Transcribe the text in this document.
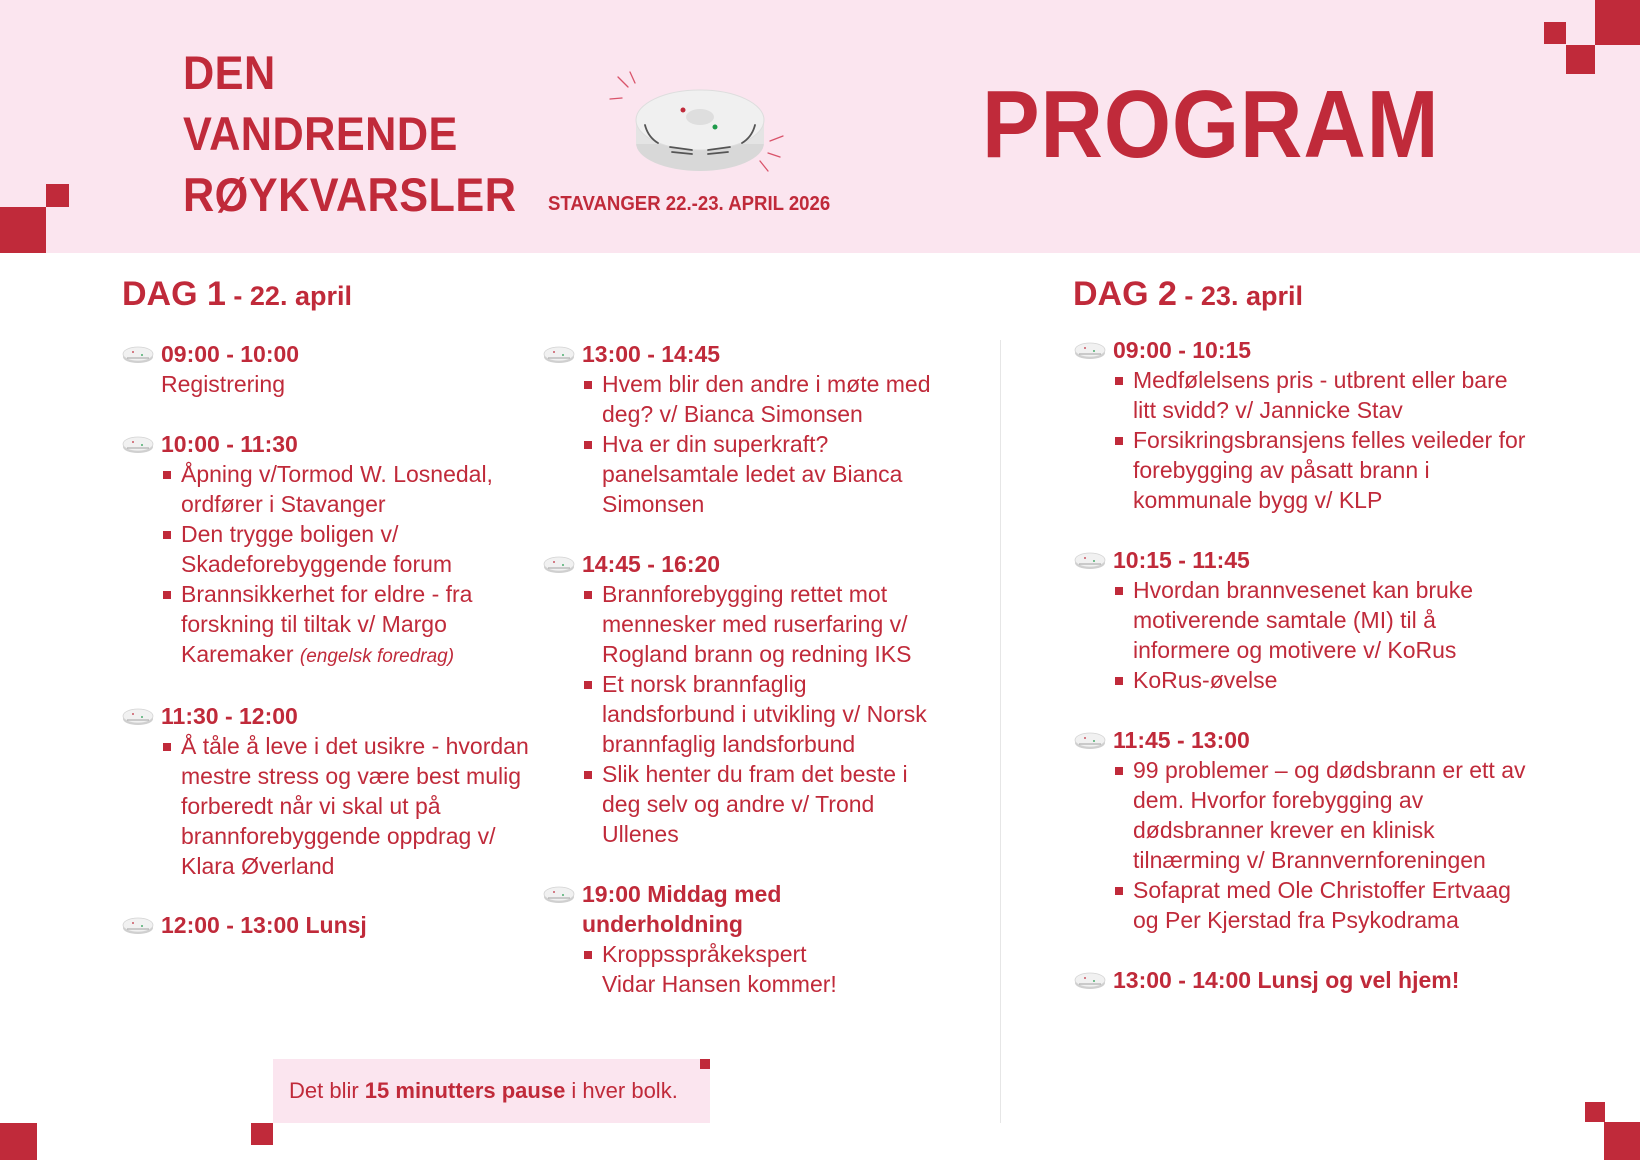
DEN
VANDRENDE
RØYKVARSLER STAVANGER 22.-23. APRIL 2026
PROGRAM
DAG 1 - 22. april
09:00 - 10:00
Registrering
10:00 - 11:30
Åpning v/Tormod W. Losnedal, ordfører i Stavanger
Den trygge boligen v/ Skadeforebyggende forum
Brannsikkerhet for eldre - fra forskning til tiltak v/ Margo Karemaker (engelsk foredrag)
11:30 - 12:00
Å tåle å leve i det usikre - hvordan mestre stress og være best mulig forberedt når vi skal ut på brannforebyggende oppdrag v/ Klara Øverland
12:00 - 13:00 Lunsj
13:00 - 14:45
Hvem blir den andre i møte med deg? v/ Bianca Simonsen
Hva er din superkraft? panelsamtale ledet av Bianca Simonsen
14:45 - 16:20
Brannforebygging rettet mot mennesker med ruserfaring v/ Rogland brann og redning IKS
Et norsk brannfaglig landsforbund i utvikling v/ Norsk brannfaglig landsforbund
Slik henter du fram det beste i deg selv og andre v/ Trond Ullenes
19:00 Middag med underholdning
Kroppsspråkekspert Vidar Hansen kommer!
DAG 2 - 23. april
09:00 - 10:15
Medfølelsens pris - utbrent eller bare litt svidd? v/ Jannicke Stav
Forsikringsbransjens felles veileder for forebygging av påsatt brann i kommunale bygg v/ KLP
10:15 - 11:45
Hvordan brannvesenet kan bruke motiverende samtale (MI) til å informere og motivere v/ KoRus
KoRus-øvelse
11:45 - 13:00
99 problemer – og dødsbrann er ett av dem. Hvorfor forebygging av dødsbranner krever en klinisk tilnærming v/ Brannvernforeningen
Sofaprat med Ole Christoffer Ertvaag og Per Kjerstad fra Psykodrama
13:00 - 14:00 Lunsj og vel hjem!
Det blir 15 minutters pause i hver bolk.
